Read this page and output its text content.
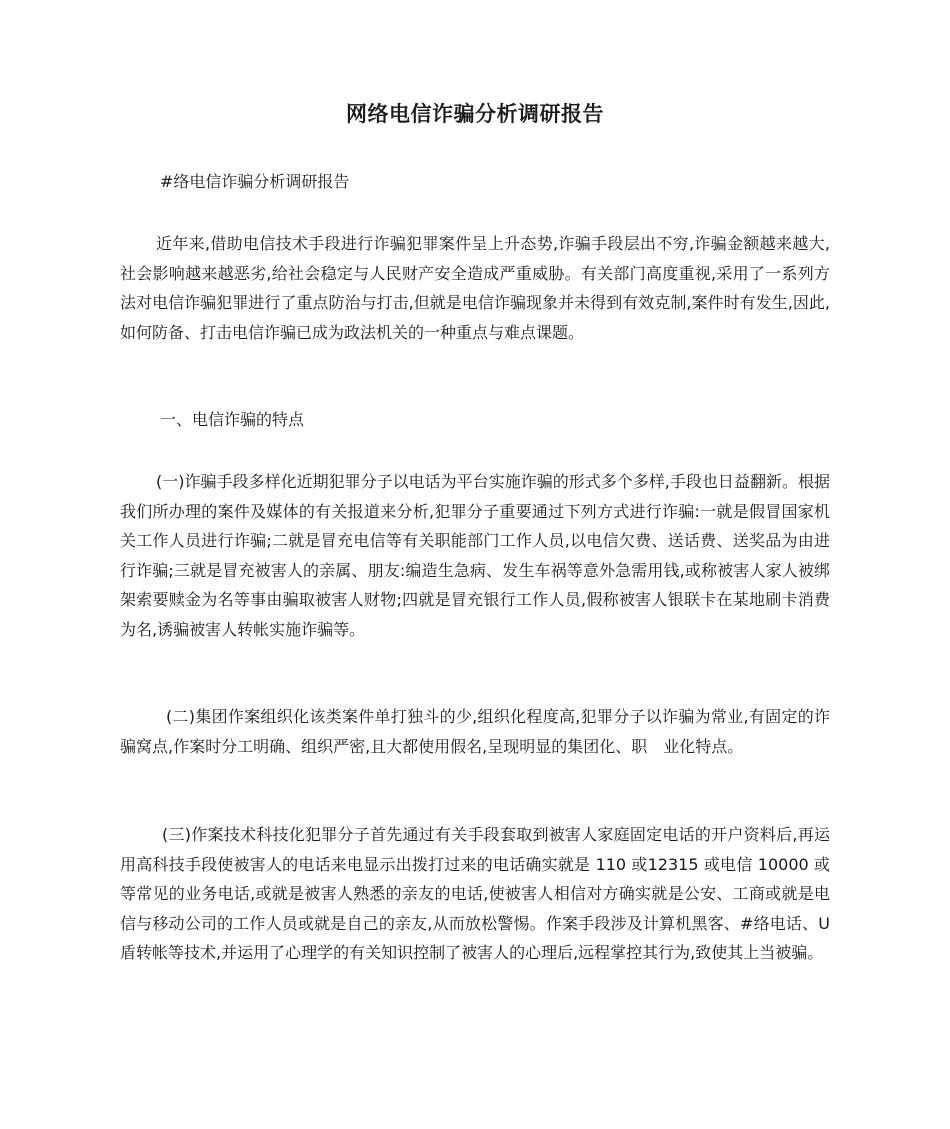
网络电信诈骗分析调研报告
#络电信诈骗分析调研报告

近年来,借助电信技术手段进行诈骗犯罪案件呈上升态势,诈骗手段层出不穷,诈骗金额越来越大,社会影响越来越恶劣,给社会稳定与人民财产安全造成严重威胁。有关部门高度重视,采用了一系列方法对电信诈骗犯罪进行了重点防治与打击,但就是电信诈骗现象并未得到有效克制,案件时有发生,因此,如何防备、打击电信诈骗已成为政法机关的一种重点与难点课题。

一、电信诈骗的特点

(一)诈骗手段多样化近期犯罪分子以电话为平台实施诈骗的形式多个多样,手段也日益翻新。根据我们所办理的案件及媒体的有关报道来分析,犯罪分子重要通过下列方式进行诈骗:一就是假冒国家机关工作人员进行诈骗;二就是冒充电信等有关职能部门工作人员,以电信欠费、送话费、送奖品为由进行诈骗;三就是冒充被害人的亲属、朋友:编造生急病、发生车祸等意外急需用钱,或称被害人家人被绑架索要赎金为名等事由骗取被害人财物;四就是冒充银行工作人员,假称被害人银联卡在某地刷卡消费为名,诱骗被害人转帐实施诈骗等。

(二)集团作案组织化该类案件单打独斗的少,组织化程度高,犯罪分子以诈骗为常业,有固定的诈骗窝点,作案时分工明确、组织严密,且大都使用假名,呈现明显的集团化、职　业化特点。

(三)作案技术科技化犯罪分子首先通过有关手段套取到被害人家庭固定电话的开户资料后,再运用高科技手段使被害人的电话来电显示出拨打过来的电话确实就是 110 或12315 或电信 10000 或等常见的业务电话,或就是被害人熟悉的亲友的电话,使被害人相信对方确实就是公安、工商或就是电信与移动公司的工作人员或就是自己的亲友,从而放松警惕。作案手段涉及计算机黑客、#络电话、U 盾转帐等技术,并运用了心理学的有关知识控制了被害人的心理后,远程掌控其行为,致使其上当被骗。
